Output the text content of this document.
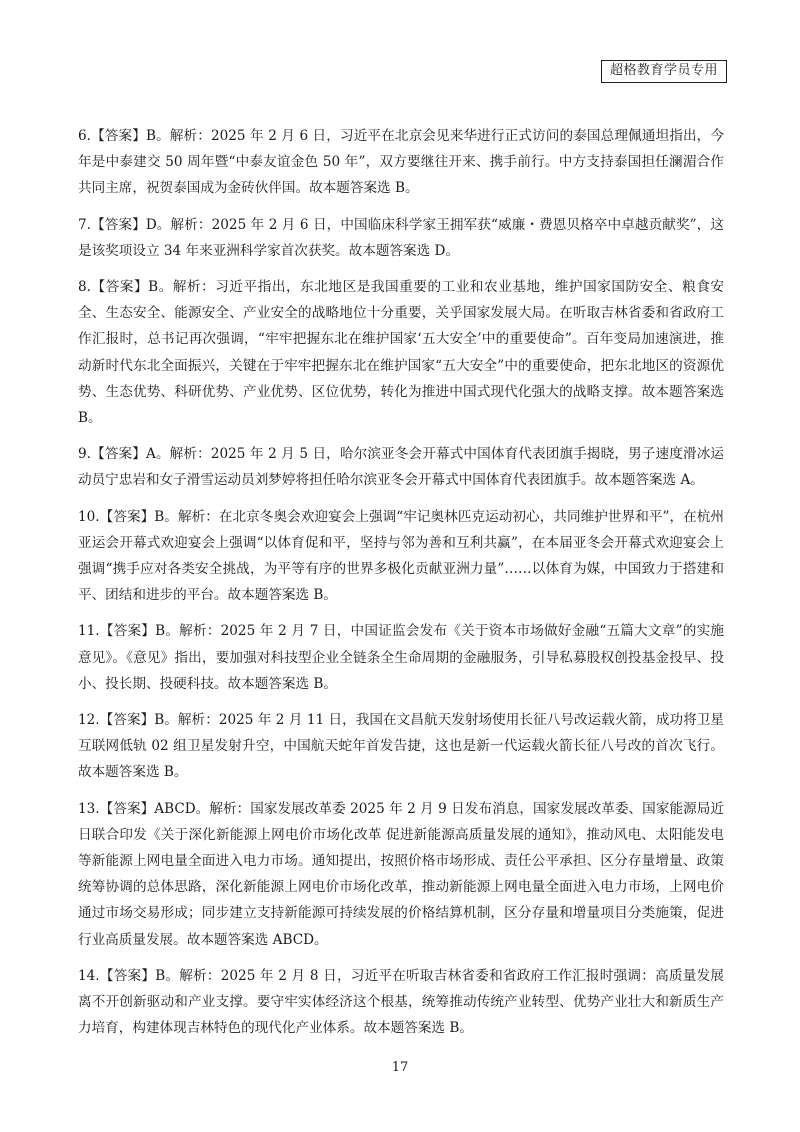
超格教育学员专用

6.【答案】B。解析：2025 年 2 月 6 日，习近平在北京会见来华进行正式访问的泰国总理佩通坦指出，今年是中泰建交 50 周年暨“中泰友谊金色 50 年”，双方要继往开来、携手前行。中方支持泰国担任澜湄合作共同主席，祝贺泰国成为金砖伙伴国。故本题答案选 B。

7.【答案】D。解析：2025 年 2 月 6 日，中国临床科学家王拥军获“威廉・费恩贝格卒中卓越贡献奖”，这是该奖项设立 34 年来亚洲科学家首次获奖。故本题答案选 D。

8.【答案】B。解析：习近平指出，东北地区是我国重要的工业和农业基地，维护国家国防安全、粮食安全、生态安全、能源安全、产业安全的战略地位十分重要，关乎国家发展大局。在听取吉林省委和省政府工作汇报时，总书记再次强调，“牢牢把握东北在维护国家‘五大安全’中的重要使命”。百年变局加速演进，推动新时代东北全面振兴，关键在于牢牢把握东北在维护国家“五大安全”中的重要使命，把东北地区的资源优势、生态优势、科研优势、产业优势、区位优势，转化为推进中国式现代化强大的战略支撑。故本题答案选 B。

9.【答案】A。解析：2025 年 2 月 5 日，哈尔滨亚冬会开幕式中国体育代表团旗手揭晓，男子速度滑冰运动员宁忠岩和女子滑雪运动员刘梦婷将担任哈尔滨亚冬会开幕式中国体育代表团旗手。故本题答案选 A。

10.【答案】B。解析：在北京冬奥会欢迎宴会上强调“牢记奥林匹克运动初心，共同维护世界和平”，在杭州亚运会开幕式欢迎宴会上强调“以体育促和平，坚持与邻为善和互利共赢”，在本届亚冬会开幕式欢迎宴会上强调“携手应对各类安全挑战，为平等有序的世界多极化贡献亚洲力量”……以体育为媒，中国致力于搭建和平、团结和进步的平台。故本题答案选 B。

11.【答案】B。解析：2025 年 2 月 7 日，中国证监会发布《关于资本市场做好金融“五篇大文章”的实施意见》。《意见》指出，要加强对科技型企业全链条全生命周期的金融服务，引导私募股权创投基金投早、投小、投长期、投硬科技。故本题答案选 B。

12.【答案】B。解析：2025 年 2 月 11 日，我国在文昌航天发射场使用长征八号改运载火箭，成功将卫星互联网低轨 02 组卫星发射升空，中国航天蛇年首发告捷，这也是新一代运载火箭长征八号改的首次飞行。故本题答案选 B。

13.【答案】ABCD。解析：国家发展改革委 2025 年 2 月 9 日发布消息，国家发展改革委、国家能源局近日联合印发《关于深化新能源上网电价市场化改革 促进新能源高质量发展的通知》，推动风电、太阳能发电等新能源上网电量全面进入电力市场。通知提出，按照价格市场形成、责任公平承担、区分存量增量、政策统筹协调的总体思路，深化新能源上网电价市场化改革，推动新能源上网电量全面进入电力市场，上网电价通过市场交易形成；同步建立支持新能源可持续发展的价格结算机制，区分存量和增量项目分类施策，促进行业高质量发展。故本题答案选 ABCD。

14.【答案】B。解析：2025 年 2 月 8 日，习近平在听取吉林省委和省政府工作汇报时强调：高质量发展离不开创新驱动和产业支撑。要守牢实体经济这个根基，统筹推动传统产业转型、优势产业壮大和新质生产力培育，构建体现吉林特色的现代化产业体系。故本题答案选 B。

17
